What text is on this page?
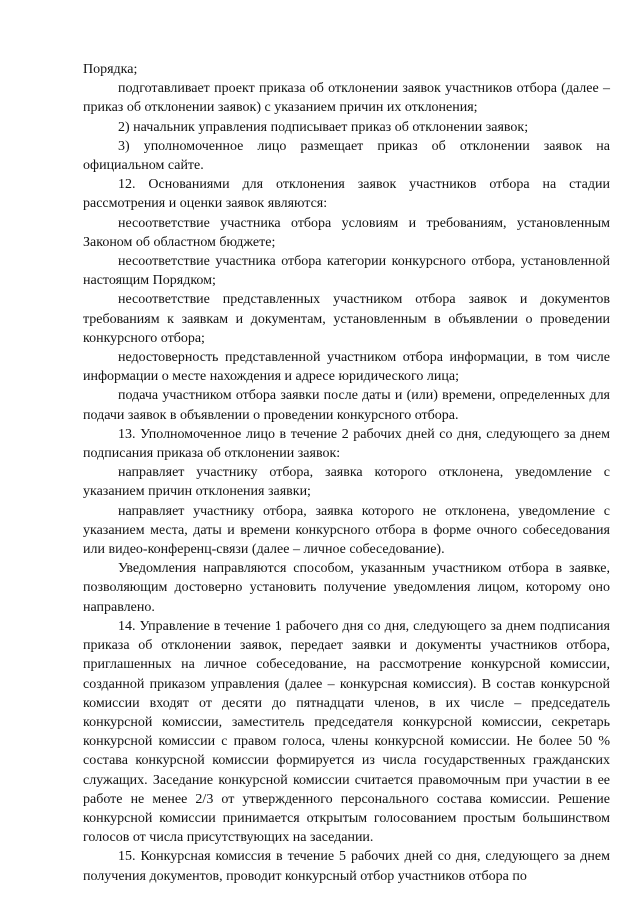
Порядка;

подготавливает проект приказа об отклонении заявок участников отбора (далее – приказ об отклонении заявок) с указанием причин их отклонения;

2) начальник управления подписывает приказ об отклонении заявок;

3) уполномоченное лицо размещает приказ об отклонении заявок на официальном сайте.

12. Основаниями для отклонения заявок участников отбора на стадии рассмотрения и оценки заявок являются:

несоответствие участника отбора условиям и требованиям, установленным Законом об областном бюджете;

несоответствие участника отбора категории конкурсного отбора, установленной настоящим Порядком;

несоответствие представленных участником отбора заявок и документов требованиям к заявкам и документам, установленным в объявлении о проведении конкурсного отбора;

недостоверность представленной участником отбора информации, в том числе информации о месте нахождения и адресе юридического лица;

подача участником отбора заявки после даты и (или) времени, определенных для подачи заявок в объявлении о проведении конкурсного отбора.

13. Уполномоченное лицо в течение 2 рабочих дней со дня, следующего за днем подписания приказа об отклонении заявок:

направляет участнику отбора, заявка которого отклонена, уведомление с указанием причин отклонения заявки;

направляет участнику отбора, заявка которого не отклонена, уведомление с указанием места, даты и времени конкурсного отбора в форме очного собеседования или видео-конференц-связи (далее – личное собеседование).

Уведомления направляются способом, указанным участником отбора в заявке, позволяющим достоверно установить получение уведомления лицом, которому оно направлено.

14. Управление в течение 1 рабочего дня со дня, следующего за днем подписания приказа об отклонении заявок, передает заявки и документы участников отбора, приглашенных на личное собеседование, на рассмотрение конкурсной комиссии, созданной приказом управления (далее – конкурсная комиссия). В состав конкурсной комиссии входят от десяти до пятнадцати членов, в их числе – председатель конкурсной комиссии, заместитель председателя конкурсной комиссии, секретарь конкурсной комиссии с правом голоса, члены конкурсной комиссии. Не более 50 % состава конкурсной комиссии формируется из числа государственных гражданских служащих. Заседание конкурсной комиссии считается правомочным при участии в ее работе не менее 2/3 от утвержденного персонального состава комиссии. Решение конкурсной комиссии принимается открытым голосованием простым большинством голосов от числа присутствующих на заседании.

15. Конкурсная комиссия в течение 5 рабочих дней со дня, следующего за днем получения документов, проводит конкурсный отбор участников отбора по
